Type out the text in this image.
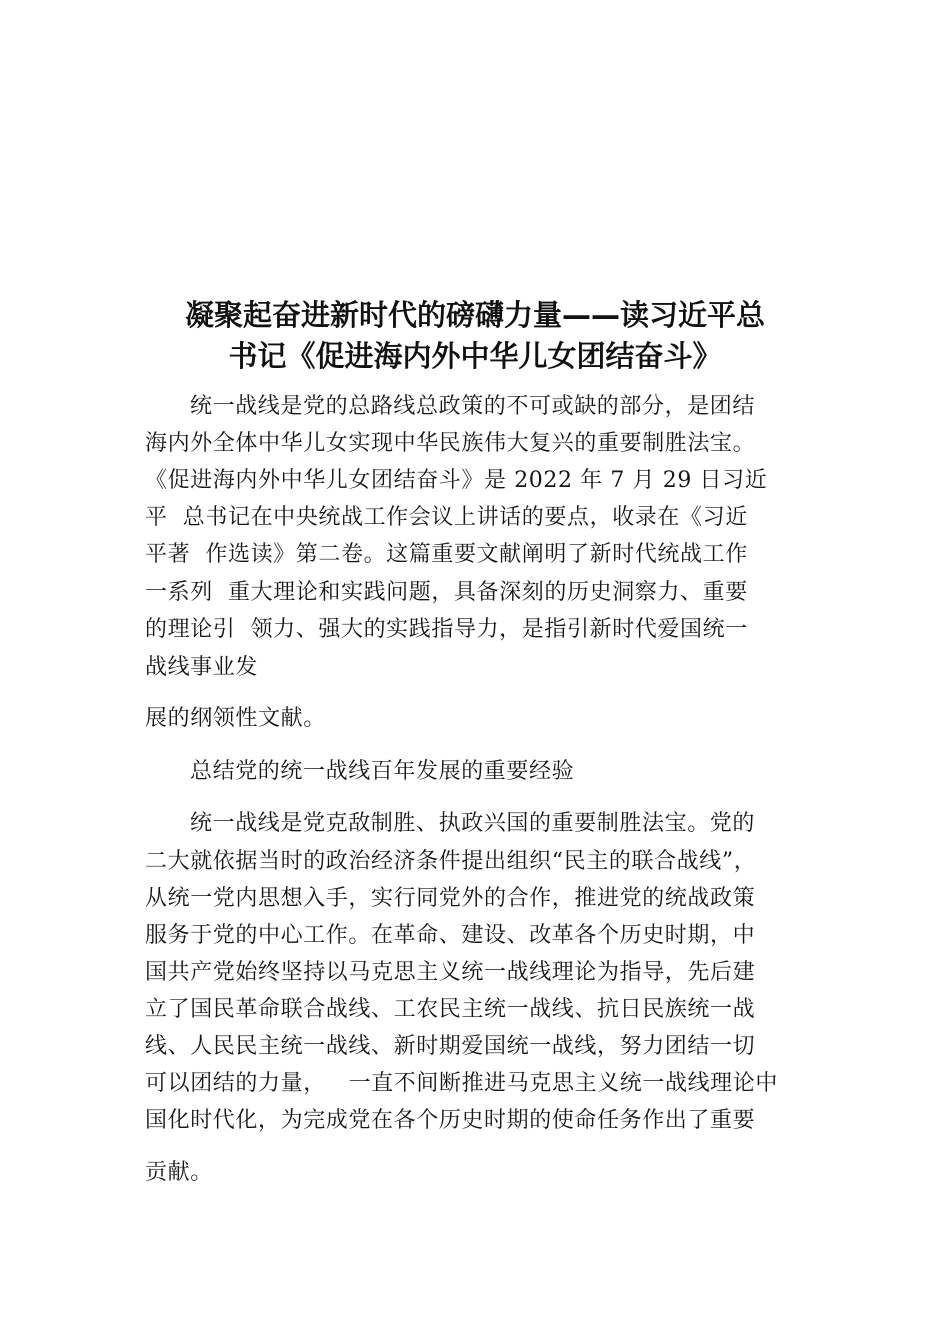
凝聚起奋进新时代的磅礴力量——读习近平总
书记《促进海内外中华儿女团结奋斗》
统一战线是党的总路线总政策的不可或缺的部分，是团结
海内外全体中华儿女实现中华民族伟大复兴的重要制胜法宝。
《促进海内外中华儿女团结奋斗》是 2022 年 7 月 29 日习近
平  总书记在中央统战工作会议上讲话的要点，收录在《习近
平著  作选读》第二卷。这篇重要文献阐明了新时代统战工作
一系列  重大理论和实践问题，具备深刻的历史洞察力、重要
的理论引  领力、强大的实践指导力，是指引新时代爱国统一
战线事业发
展的纲领性文献。
总结党的统一战线百年发展的重要经验
统一战线是党克敌制胜、执政兴国的重要制胜法宝。党的
二大就依据当时的政治经济条件提出组织“民主的联合战线”，
从统一党内思想入手，实行同党外的合作，推进党的统战政策
服务于党的中心工作。在革命、建设、改革各个历史时期，中
国共产党始终坚持以马克思主义统一战线理论为指导，先后建
立了国民革命联合战线、工农民主统一战线、抗日民族统一战
线、人民民主统一战线、新时期爱国统一战线，努力团结一切
可以团结的力量，   一直不间断推进马克思主义统一战线理论中
国化时代化，为完成党在各个历史时期的使命任务作出了重要
贡献。
